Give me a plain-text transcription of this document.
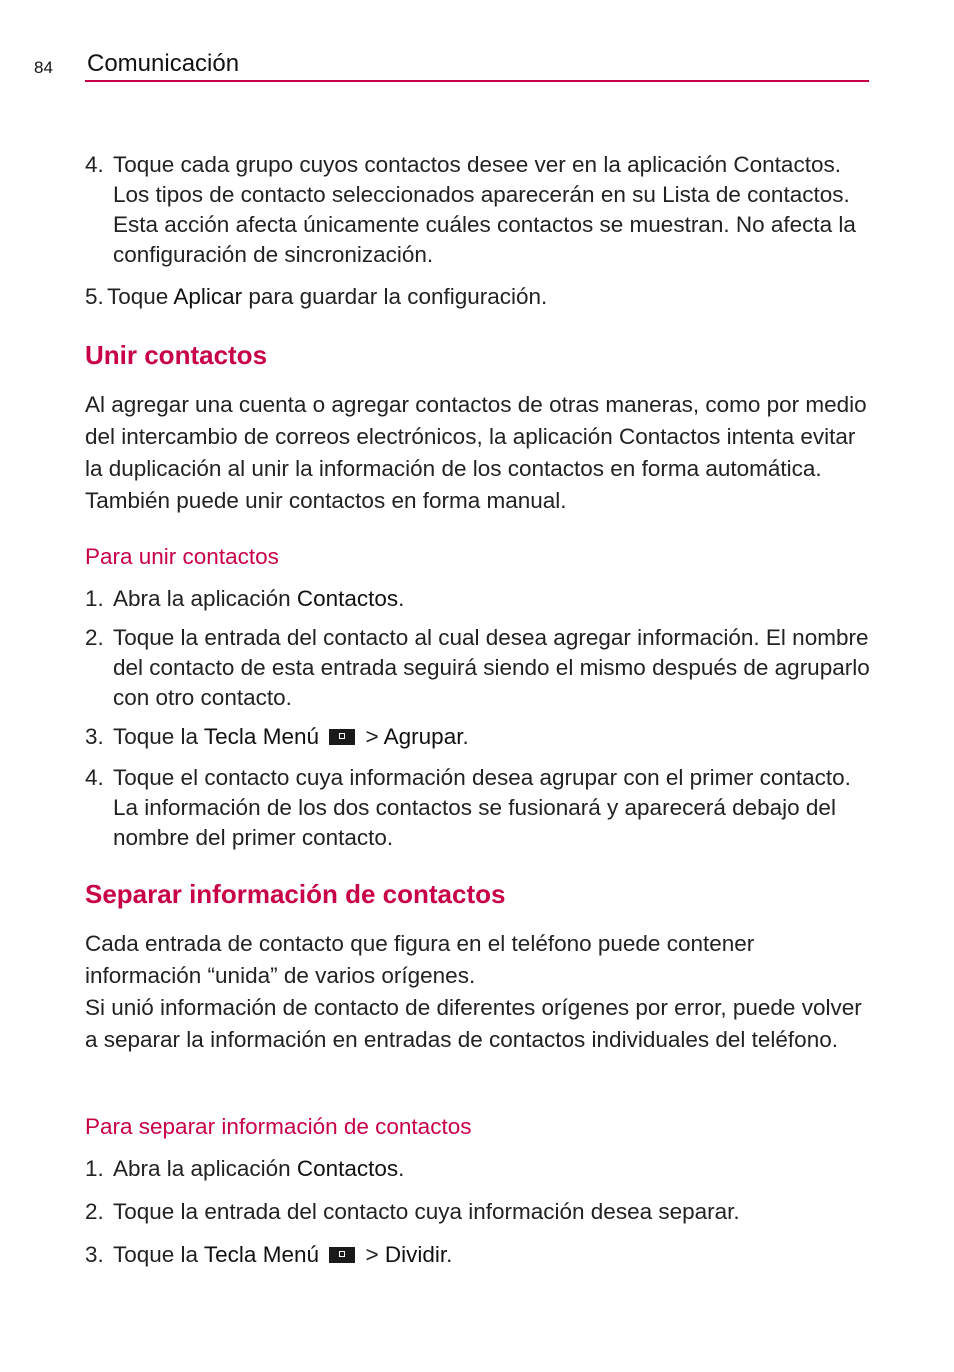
84 Comunicación
4. Toque cada grupo cuyos contactos desee ver en la aplicación Contactos. Los tipos de contacto seleccionados aparecerán en su Lista de contactos. Esta acción afecta únicamente cuáles contactos se muestran. No afecta la configuración de sincronización.
5. Toque Aplicar para guardar la configuración.
Unir contactos
Al agregar una cuenta o agregar contactos de otras maneras, como por medio del intercambio de correos electrónicos, la aplicación Contactos intenta evitar la duplicación al unir la información de los contactos en forma automática. También puede unir contactos en forma manual.
Para unir contactos
1. Abra la aplicación Contactos.
2. Toque la entrada del contacto al cual desea agregar información. El nombre del contacto de esta entrada seguirá siendo el mismo después de agruparlo con otro contacto.
3. Toque la Tecla Menú  > Agrupar.
4. Toque el contacto cuya información desea agrupar con el primer contacto. La información de los dos contactos se fusionará y aparecerá debajo del nombre del primer contacto.
Separar información de contactos
Cada entrada de contacto que figura en el teléfono puede contener información “unida” de varios orígenes.
Si unió información de contacto de diferentes orígenes por error, puede volver a separar la información en entradas de contactos individuales del teléfono.
Para separar información de contactos
1. Abra la aplicación Contactos.
2. Toque la entrada del contacto cuya información desea separar.
3. Toque la Tecla Menú  > Dividir.
